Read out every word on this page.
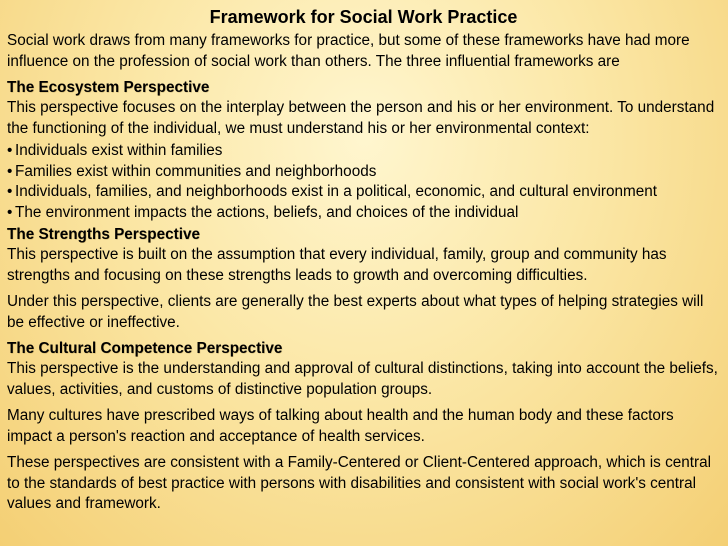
Framework for Social Work Practice

Social work draws from many frameworks for practice, but some of these frameworks have had more influence on the profession of social work than others. The three influential frameworks are

The Ecosystem Perspective

This perspective focuses on the interplay between the person and his or her environment. To understand the functioning of the individual, we must understand his or her environmental context:

• Individuals exist within families
• Families exist within communities and neighborhoods
• Individuals, families, and neighborhoods exist in a political, economic, and cultural environment
• The environment impacts the actions, beliefs, and choices of the individual
The Strengths Perspective

This perspective is built on the assumption that every individual, family, group and community has strengths and focusing on these strengths leads to growth and overcoming difficulties.

Under this perspective, clients are generally the best experts about what types of helping strategies will be effective or ineffective.

The Cultural Competence Perspective

This perspective is the understanding and approval of cultural distinctions, taking into account the beliefs, values, activities, and customs of distinctive population groups.

Many cultures have prescribed ways of talking about health and the human body and these factors impact a person's reaction and acceptance of health services.

These perspectives are consistent with a Family-Centered or Client-Centered approach, which is central to the standards of best practice with persons with disabilities and consistent with social work's central values and framework.
